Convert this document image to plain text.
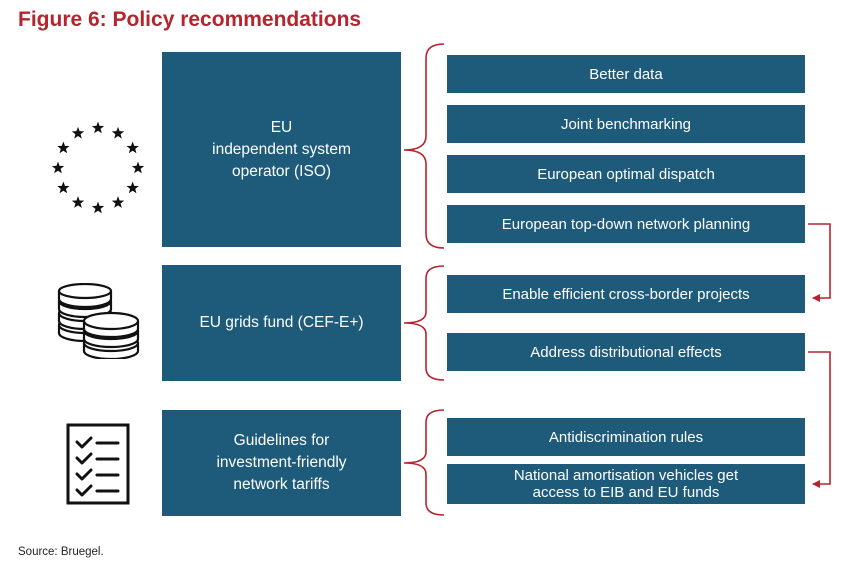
Figure 6: Policy recommendations
EU
independent system
operator (ISO)
EU grids fund (CEF-E+)
Guidelines for
investment-friendly
network tariffs
Better data
Joint benchmarking
European optimal dispatch
European top-down network planning
Enable efficient cross-border projects
Address distributional effects
Antidiscrimination rules
National amortisation vehicles get
access to EIB and EU funds
Source: Bruegel.
